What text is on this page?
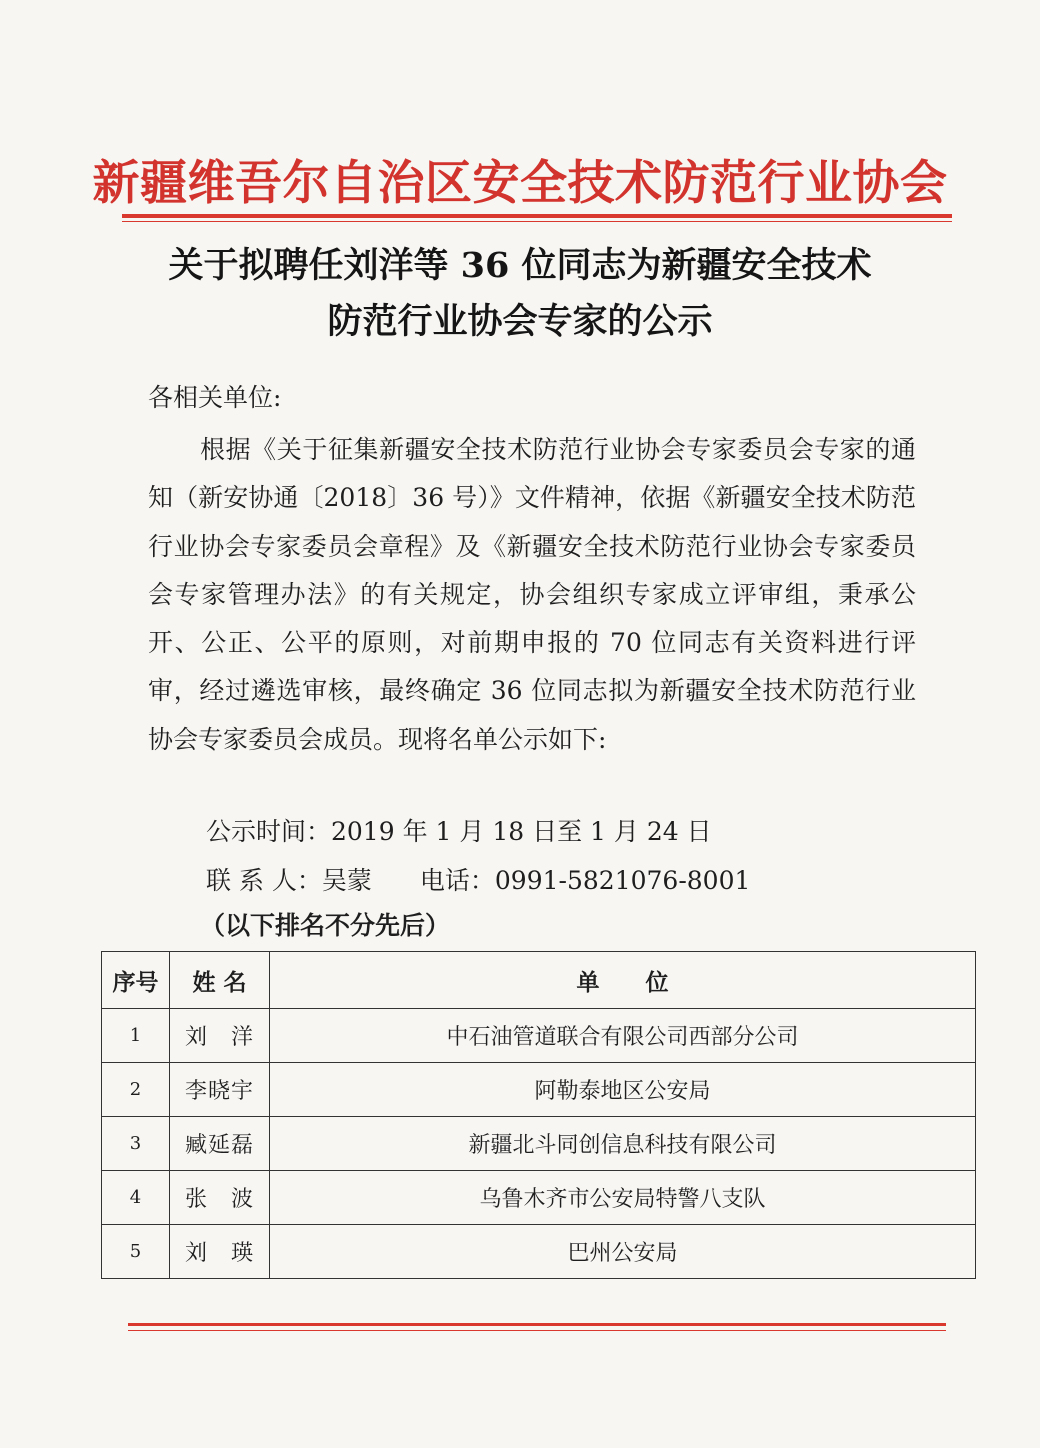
新疆维吾尔自治区安全技术防范行业协会
关于拟聘任刘洋等 36 位同志为新疆安全技术
防范行业协会专家的公示
各相关单位:
根据《关于征集新疆安全技术防范行业协会专家委员会专家的通知（新安协通〔2018〕36 号）》文件精神，依据《新疆安全技术防范行业协会专家委员会章程》及《新疆安全技术防范行业协会专家委员会专家管理办法》的有关规定，协会组织专家成立评审组，秉承公开、公正、公平的原则，对前期申报的 70 位同志有关资料进行评审，经过遴选审核，最终确定 36 位同志拟为新疆安全技术防范行业协会专家委员会成员。现将名单公示如下:
公示时间：2019 年 1 月 18 日至 1 月 24 日
联 系 人：吴蒙 电话：0991-5821076-8001
（以下排名不分先后）
序号	姓 名	单　　位
1	刘　洋	中石油管道联合有限公司西部分公司
2	李晓宇	阿勒泰地区公安局
3	臧延磊	新疆北斗同创信息科技有限公司
4	张　波	乌鲁木齐市公安局特警八支队
5	刘　瑛	巴州公安局
